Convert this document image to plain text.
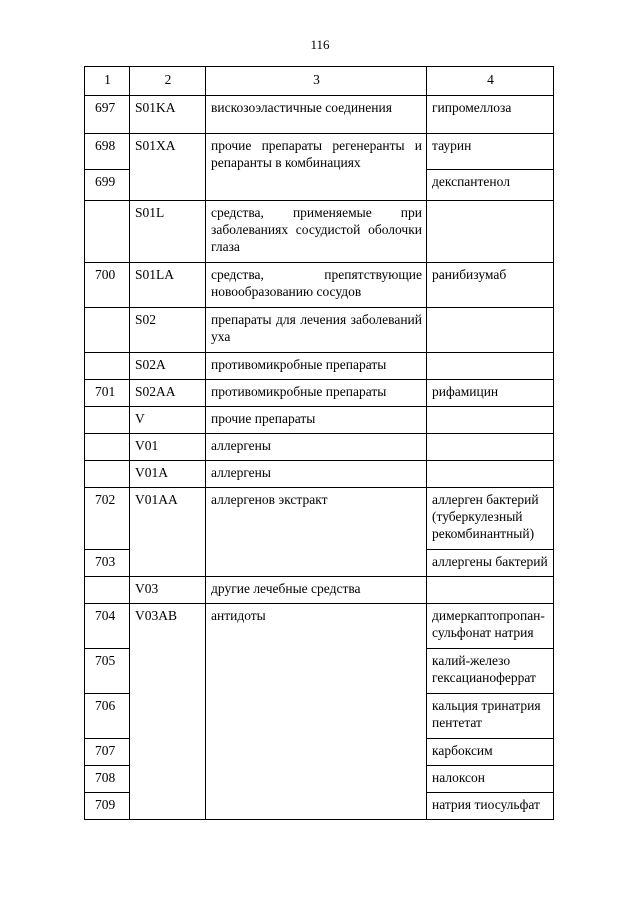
116
1	2	3	4
697	S01KA	вискозоэластичные соединения	гипромеллоза
698	S01XA	прочие препараты регенеранты и репаранты в комбинациях	таурин
699			декспантенол
	S01L	средства, применяемые при заболеваниях сосудистой оболочки глаза	
700	S01LA	средства, препятствующие новообразованию сосудов	ранибизумаб
	S02	препараты для лечения заболеваний уха	
	S02A	противомикробные препараты	
701	S02AA	противомикробные препараты	рифамицин
	V	прочие препараты	
	V01	аллергены	
	V01A	аллергены	
702	V01AA	аллергенов экстракт	аллерген бактерий (туберкулезный рекомбинантный)
703			аллергены бактерий
	V03	другие лечебные средства	
704	V03AB	антидоты	димеркаптопропан-сульфонат натрия
705			калий-железо гексацианоферрат
706			кальция тринатрия пентетат
707			карбоксим
708			налоксон
709			натрия тиосульфат
